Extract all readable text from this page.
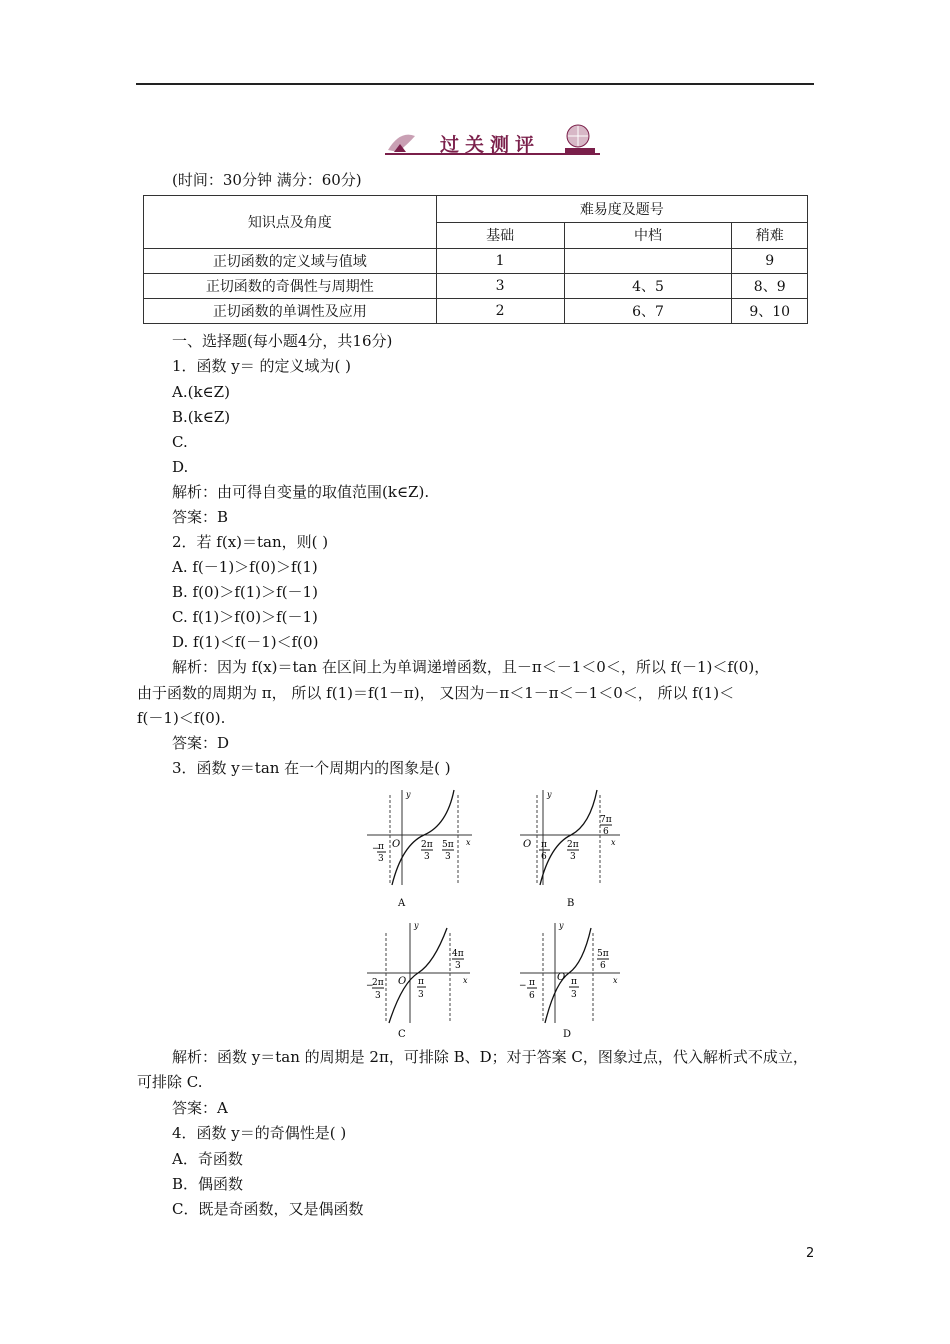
过关测评
(时间：30分钟 满分：60分)
知识点及角度	难易度及题号		
	基础	中档	稍难
正切函数的定义域与值域	1		9
正切函数的奇偶性与周期性	3	4、5	8、9
正切函数的单调性及应用	2	6、7	9、10
一、选择题(每小题4分，共16分)
1．函数 y＝ 的定义域为( )
A.(k∈Z)
B.(k∈Z)
C.
D.
解析：由可得自变量的取值范围(k∈Z).
答案：B
2．若 f(x)＝tan，则( )
A. f(－1)＞f(0)＞f(1)
B. f(0)＞f(1)＞f(－1)
C. f(1)＞f(0)＞f(－1)
D. f(1)＜f(－1)＜f(0)
解析：因为 f(x)＝tan 在区间上为单调递增函数，且－π＜－1＜0＜，所以 f(－1)＜f(0)，
由于函数的周期为 π， 所以 f(1)＝f(1－π)， 又因为－π＜1－π＜－1＜0＜， 所以 f(1)＜
f(－1)＜f(0).
答案：D
3．函数 y＝tan 在一个周期内的图象是( )
y
x
O
−
π
3
2π
3
5π
3
A
y
x
O π
6
2π
3
7π
6
B
y
x
O
−
2π
3
π
3
4π
3
C
y
x
O
− π
6
π
3
5π
6
D
解析：函数 y＝tan 的周期是 2π，可排除 B、D；对于答案 C，图象过点，代入解析式不成立，
可排除 C.
答案：A
4．函数 y＝的奇偶性是( )
A．奇函数
B．偶函数
C．既是奇函数，又是偶函数
2
